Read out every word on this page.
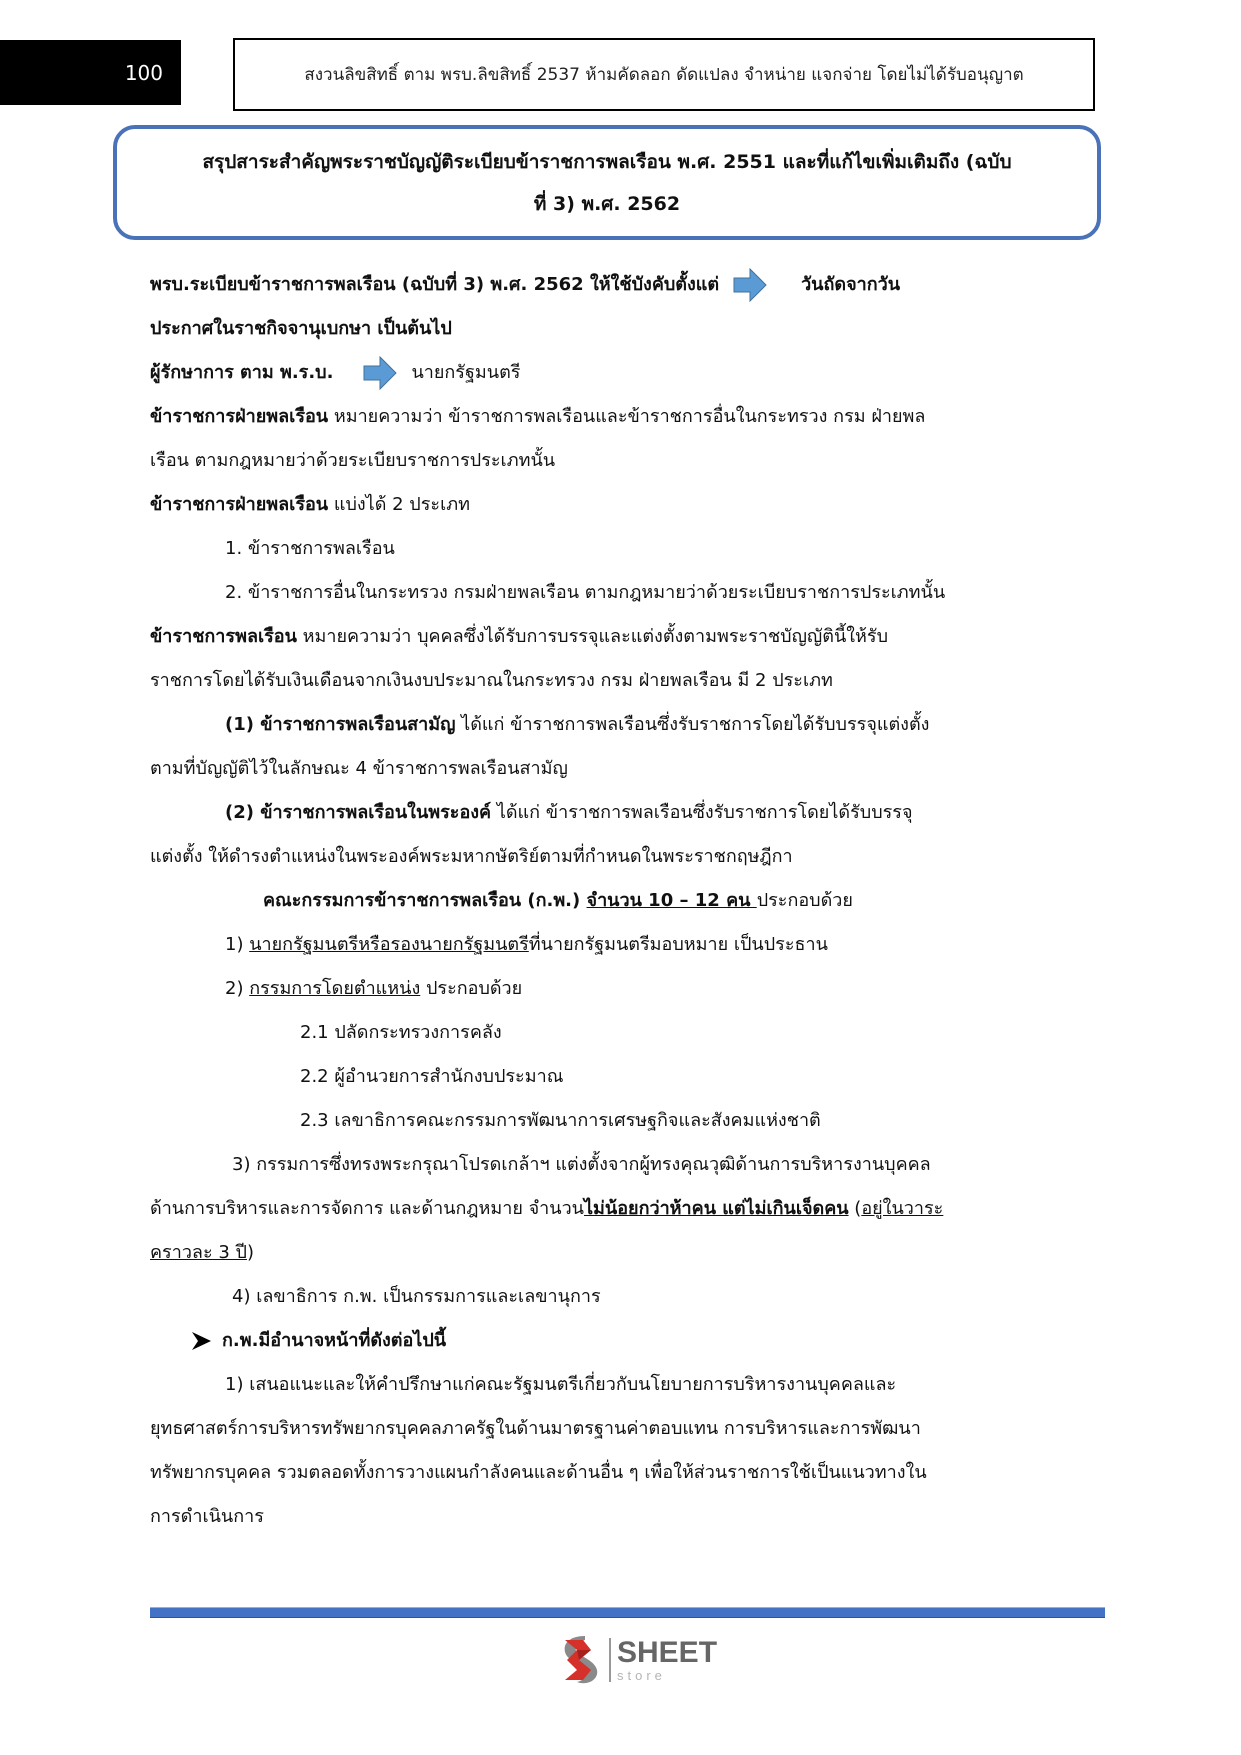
100	สงวนลิขสิทธิ์ ตาม พรบ.ลิขสิทธิ์ 2537 ห้ามคัดลอก ดัดแปลง จำหน่าย แจกจ่าย โดยไม่ได้รับอนุญาต
สรุปสาระสำคัญพระราชบัญญัติระเบียบข้าราชการพลเรือน พ.ศ. 2551 และที่แก้ไขเพิ่มเติมถึง (ฉบับ
ที่ 3) พ.ศ. 2562
พรบ.ระเบียบข้าราชการพลเรือน (ฉบับที่ 3) พ.ศ. 2562 ให้ใช้บังคับตั้งแต่	วันถัดจากวัน
ประกาศในราชกิจจานุเบกษา เป็นต้นไป
ผู้รักษาการ ตาม พ.ร.บ.	นายกรัฐมนตรี
ข้าราชการฝ่ายพลเรือน หมายความว่า ข้าราชการพลเรือนและข้าราชการอื่นในกระทรวง กรม ฝ่ายพล
เรือน ตามกฎหมายว่าด้วยระเบียบราชการประเภทนั้น
ข้าราชการฝ่ายพลเรือน แบ่งได้ 2 ประเภท
1. ข้าราชการพลเรือน
2. ข้าราชการอื่นในกระทรวง กรมฝ่ายพลเรือน ตามกฎหมายว่าด้วยระเบียบราชการประเภทนั้น
ข้าราชการพลเรือน หมายความว่า บุคคลซึ่งได้รับการบรรจุและแต่งตั้งตามพระราชบัญญัตินี้ให้รับ
ราชการโดยได้รับเงินเดือนจากเงินงบประมาณในกระทรวง กรม ฝ่ายพลเรือน มี 2 ประเภท
(1) ข้าราชการพลเรือนสามัญ ได้แก่ ข้าราชการพลเรือนซึ่งรับราชการโดยได้รับบรรจุแต่งตั้ง
ตามที่บัญญัติไว้ในลักษณะ 4 ข้าราชการพลเรือนสามัญ
(2) ข้าราชการพลเรือนในพระองค์ ได้แก่ ข้าราชการพลเรือนซึ่งรับราชการโดยได้รับบรรจุ
แต่งตั้ง ให้ดำรงตำแหน่งในพระองค์พระมหากษัตริย์ตามที่กำหนดในพระราชกฤษฎีกา
คณะกรรมการข้าราชการพลเรือน (ก.พ.) จำนวน 10 – 12 คน ประกอบด้วย
1) นายกรัฐมนตรีหรือรองนายกรัฐมนตรีที่นายกรัฐมนตรีมอบหมาย เป็นประธาน
2) กรรมการโดยตำแหน่ง ประกอบด้วย
2.1 ปลัดกระทรวงการคลัง
2.2 ผู้อำนวยการสำนักงบประมาณ
2.3 เลขาธิการคณะกรรมการพัฒนาการเศรษฐกิจและสังคมแห่งชาติ
3) กรรมการซึ่งทรงพระกรุณาโปรดเกล้าฯ แต่งตั้งจากผู้ทรงคุณวุฒิด้านการบริหารงานบุคคล
ด้านการบริหารและการจัดการ และด้านกฎหมาย จำนวนไม่น้อยกว่าห้าคน แต่ไม่เกินเจ็ดคน (อยู่ในวาระ
คราวละ 3 ปี)
4) เลขาธิการ ก.พ. เป็นกรรมการและเลขานุการ
ก.พ.มีอำนาจหน้าที่ดังต่อไปนี้
1) เสนอแนะและให้คำปรึกษาแก่คณะรัฐมนตรีเกี่ยวกับนโยบายการบริหารงานบุคคลและ
ยุทธศาสตร์การบริหารทรัพยากรบุคคลภาครัฐในด้านมาตรฐานค่าตอบแทน การบริหารและการพัฒนา
ทรัพยากรบุคคล รวมตลอดทั้งการวางแผนกำลังคนและด้านอื่น ๆ เพื่อให้ส่วนราชการใช้เป็นแนวทางใน
การดำเนินการ
SHEET
store
